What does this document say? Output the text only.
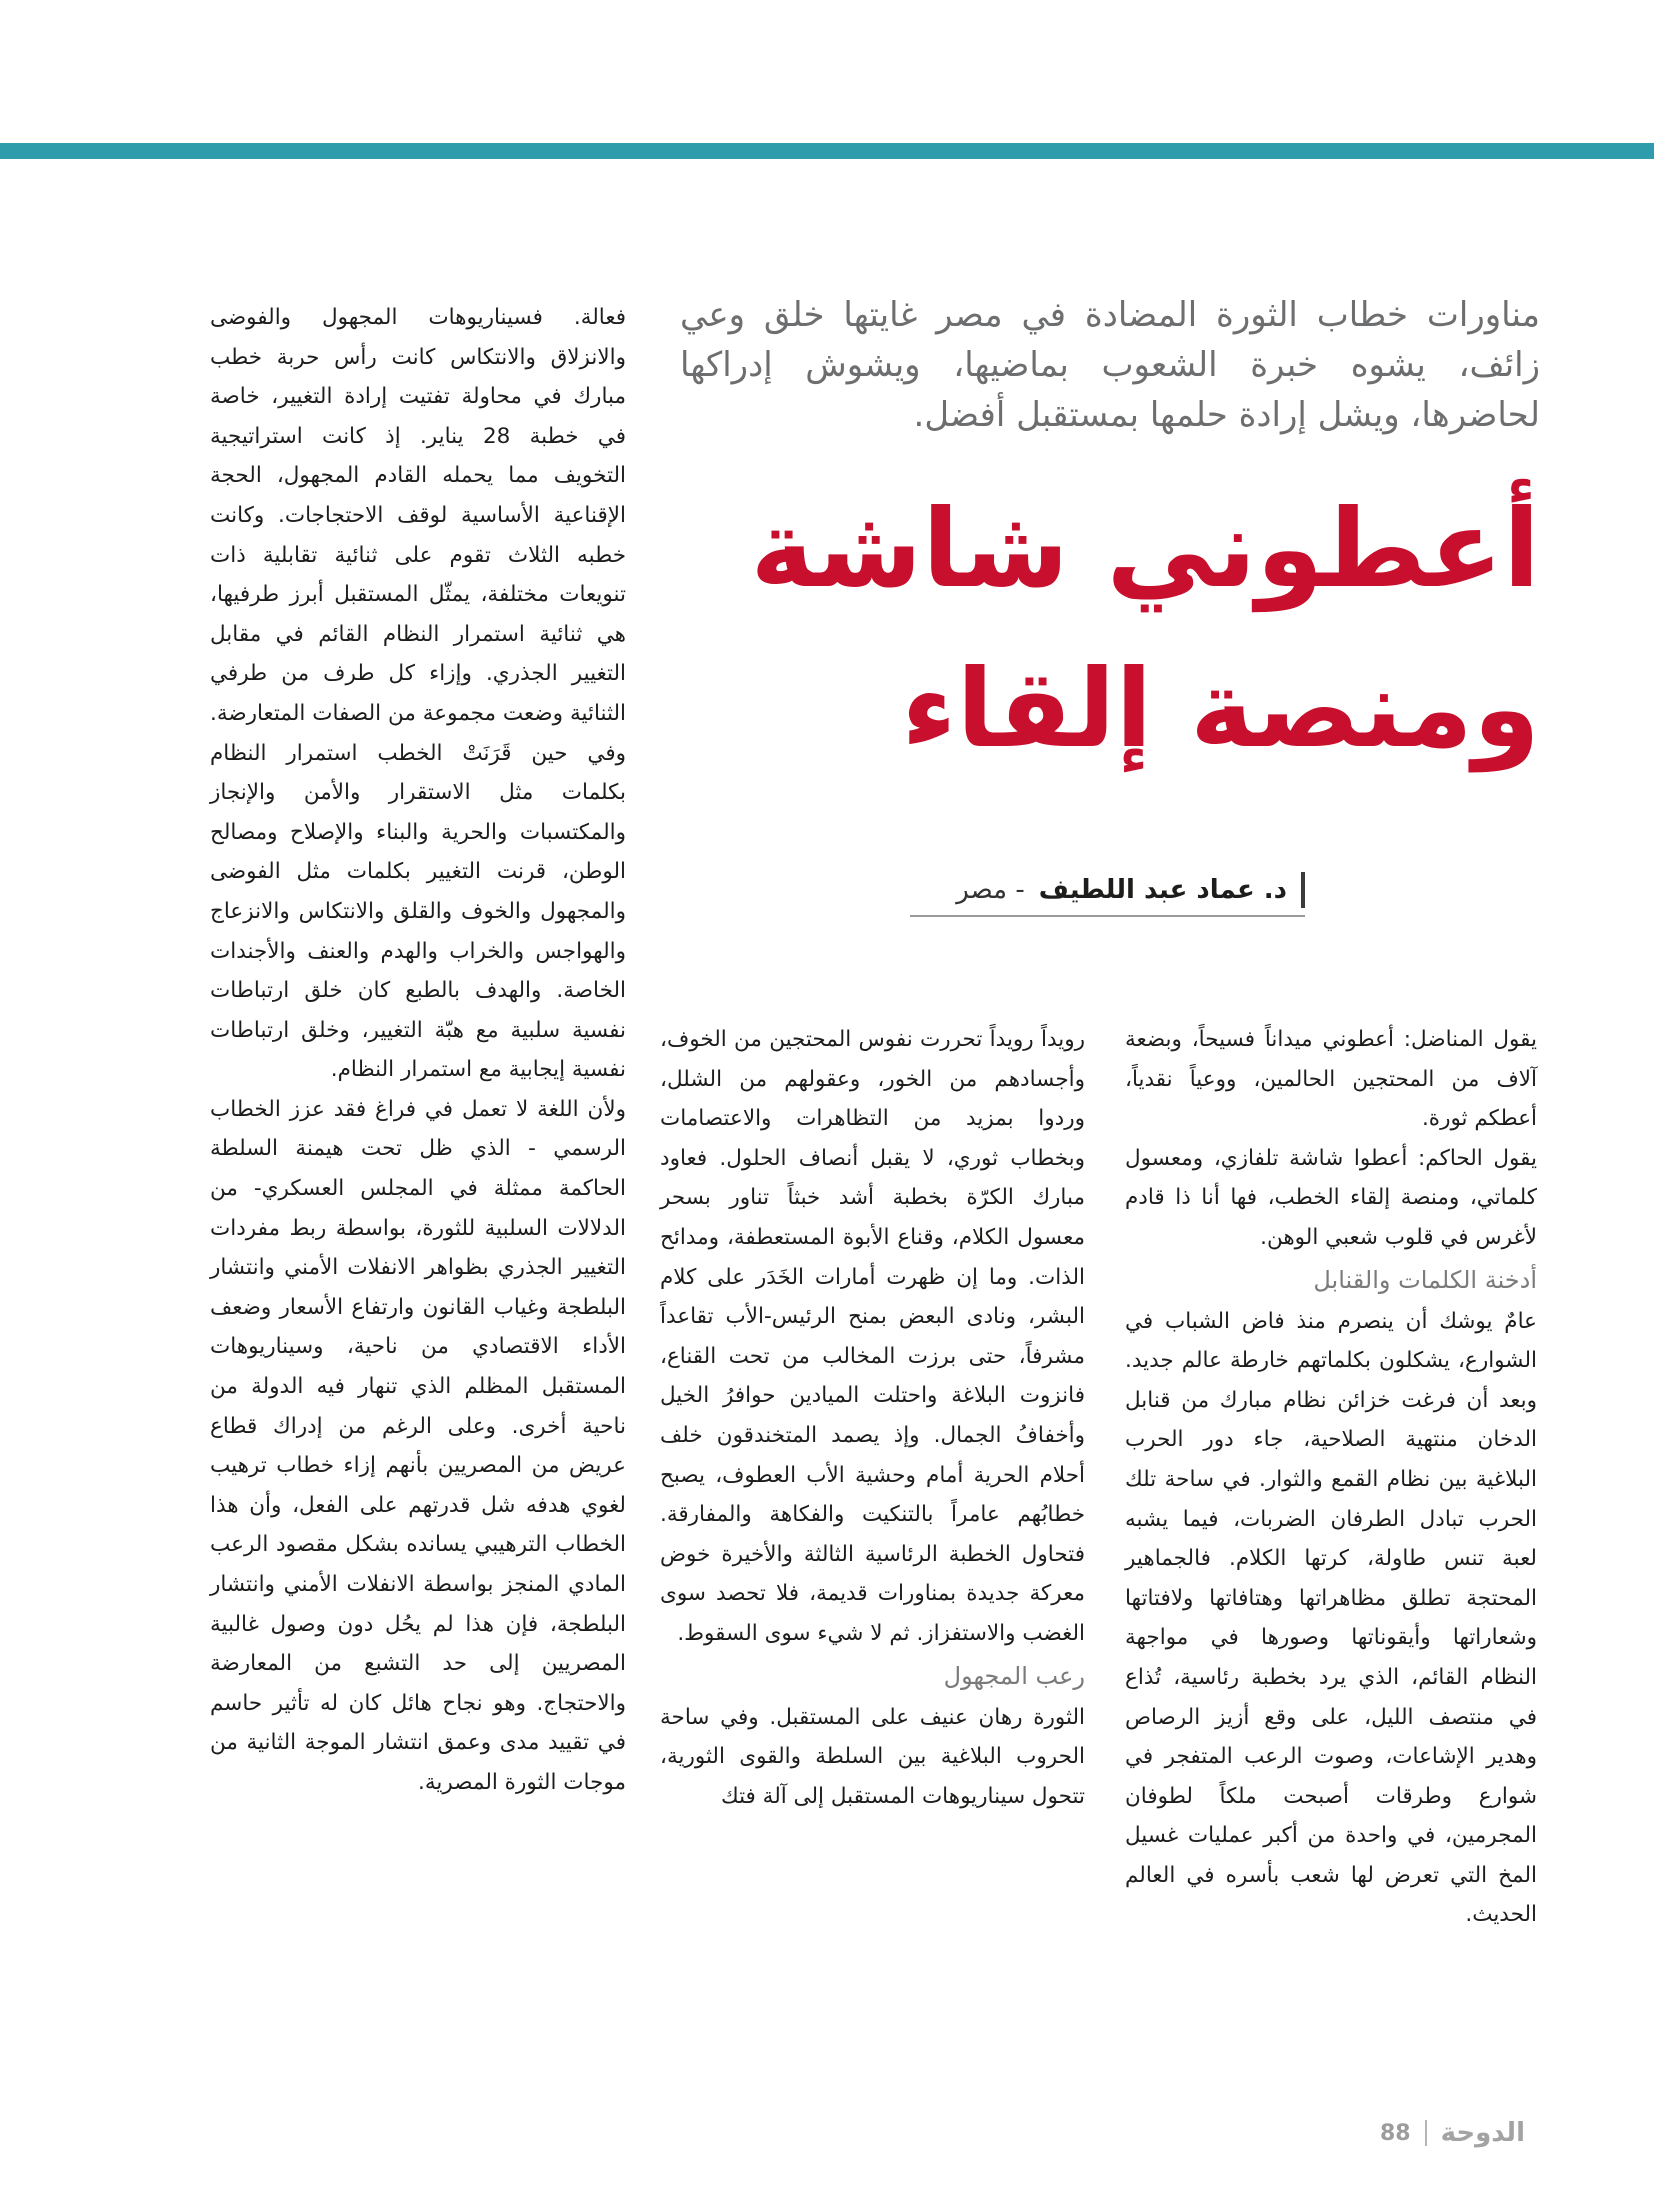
مناورات خطاب الثورة المضادة في مصر غايتها خلق وعي زائف، يشوه خبرة الشعوب بماضيها، ويشوش إدراكها لحاضرها، ويشل إرادة حلمها بمستقبل أفضل.
أعطوني شاشة
ومنصة إلقاء
د. عماد عبد اللطيف
- مصر

يقول المناضل: أعطوني ميداناً فسيحاً، وبضعة آلاف من المحتجين الحالمين، ووعياً نقدياً، أعطكم ثورة.

يقول الحاكم: أعطوا شاشة تلفازي، ومعسول كلماتي، ومنصة إلقاء الخطب، فها أنا ذا قادم لأغرس في قلوب شعبي الوهن.

أدخنة الكلمات والقنابل

عامٌ يوشك أن ينصرم منذ فاض الشباب في الشوارع، يشكلون بكلماتهم خارطة عالم جديد. وبعد أن فرغت خزائن نظام مبارك من قنابل الدخان منتهية الصلاحية، جاء دور الحرب البلاغية بين نظام القمع والثوار. في ساحة تلك الحرب تبادل الطرفان الضربات، فيما يشبه لعبة تنس طاولة، كرتها الكلام. فالجماهير المحتجة تطلق مظاهراتها وهتافاتها ولافتاتها وشعاراتها وأيقوناتها وصورها في مواجهة النظام القائم، الذي يرد بخطبة رئاسية، تُذاع في منتصف الليل، على وقع أزيز الرصاص وهدير الإشاعات، وصوت الرعب المتفجر في شوارع وطرقات أصبحت ملكاً لطوفان المجرمين، في واحدة من أكبر عمليات غسيل المخ التي تعرض لها شعب بأسره في العالم الحديث.

رويداً رويداً تحررت نفوس المحتجين من الخوف، وأجسادهم من الخور، وعقولهم من الشلل، وردوا بمزيد من التظاهرات والاعتصامات وبخطاب ثوري، لا يقبل أنصاف الحلول. فعاود مبارك الكرّة بخطبة أشد خبثاً تناور بسحر معسول الكلام، وقناع الأبوة المستعطفة، ومدائح الذات. وما إن ظهرت أمارات الخَدَر على كلام البشر، ونادى البعض بمنح الرئيس-الأب تقاعداً مشرفاً، حتى برزت المخالب من تحت القناع، فانزوت البلاغة واحتلت الميادين حوافرُ الخيل وأخفافُ الجمال. وإذ يصمد المتخندقون خلف أحلام الحرية أمام وحشية الأب العطوف، يصبح خطابُهم عامراً بالتنكيت والفكاهة والمفارقة. فتحاول الخطبة الرئاسية الثالثة والأخيرة خوض معركة جديدة بمناورات قديمة، فلا تحصد سوى الغضب والاستفزاز. ثم لا شيء سوى السقوط.

رعب المجهول

الثورة رهان عنيف على المستقبل. وفي ساحة الحروب البلاغية بين السلطة والقوى الثورية، تتحول سيناريوهات المستقبل إلى آلة فتك

فعالة. فسيناريوهات المجهول والفوضى والانزلاق والانتكاس كانت رأس حربة خطب مبارك في محاولة تفتيت إرادة التغيير، خاصة في خطبة 28 يناير. إذ كانت استراتيجية التخويف مما يحمله القادم المجهول، الحجة الإقناعية الأساسية لوقف الاحتجاجات. وكانت خطبه الثلاث تقوم على ثنائية تقابلية ذات تنويعات مختلفة، يمثّل المستقبل أبرز طرفيها، هي ثنائية استمرار النظام القائم في مقابل التغيير الجذري. وإزاء كل طرف من طرفي الثنائية وضعت مجموعة من الصفات المتعارضة. وفي حين قَرَنَتْ الخطب استمرار النظام بكلمات مثل الاستقرار والأمن والإنجاز والمكتسبات والحرية والبناء والإصلاح ومصالح الوطن، قرنت التغيير بكلمات مثل الفوضى والمجهول والخوف والقلق والانتكاس والانزعاج والهواجس والخراب والهدم والعنف والأجندات الخاصة. والهدف بالطبع كان خلق ارتباطات نفسية سلبية مع هبّة التغيير، وخلق ارتباطات نفسية إيجابية مع استمرار النظام.

ولأن اللغة لا تعمل في فراغ فقد عزز الخطاب الرسمي - الذي ظل تحت هيمنة السلطة الحاكمة ممثلة في المجلس العسكري- من الدلالات السلبية للثورة، بواسطة ربط مفردات التغيير الجذري بظواهر الانفلات الأمني وانتشار البلطجة وغياب القانون وارتفاع الأسعار وضعف الأداء الاقتصادي من ناحية، وسيناريوهات المستقبل المظلم الذي تنهار فيه الدولة من ناحية أخرى. وعلى الرغم من إدراك قطاع عريض من المصريين بأنهم إزاء خطاب ترهيب لغوي هدفه شل قدرتهم على الفعل، وأن هذا الخطاب الترهيبي يسانده بشكل مقصود الرعب المادي المنجز بواسطة الانفلات الأمني وانتشار البلطجة، فإن هذا لم يحُل دون وصول غالبية المصريين إلى حد التشبع من المعارضة والاحتجاج. وهو نجاح هائل كان له تأثير حاسم في تقييد مدى وعمق انتشار الموجة الثانية من موجات الثورة المصرية.

الدوحة
88
